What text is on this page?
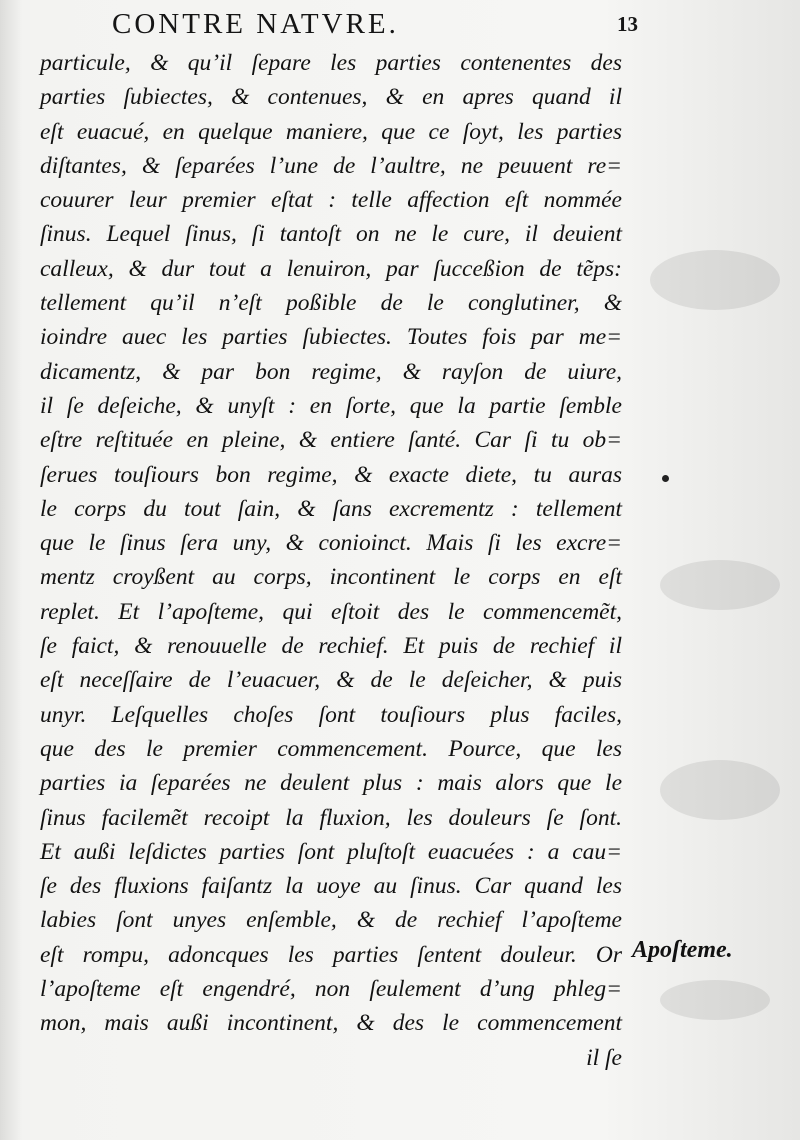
CONTRE NATVRE.	13
particule, & qu’il ſepare les parties contenentes des
parties ſubiectes, & contenues, & en apres quand il
eſt euacué, en quelque maniere, que ce ſoyt, les parties
diſtantes, & ſeparées l’une de l’aultre, ne peuuent re=
couurer leur premier eſtat : telle affection eſt nommée
ſinus. Lequel ſinus, ſi tantoſt on ne le cure, il deuient
calleux, & dur tout a lenuiron, par ſucceßion de tẽps:
tellement qu’il n’eſt poßible de le conglutiner, &
ioindre auec les parties ſubiectes. Toutes fois par me=
dicamentz, & par bon regime, & rayſon de uiure,
il ſe deſeiche, & unyſt : en ſorte, que la partie ſemble
eſtre reſtituée en pleine, & entiere ſanté. Car ſi tu ob=
ſerues touſiours bon regime, & exacte diete, tu auras
le corps du tout ſain, & ſans excrementz : tellement
que le ſinus ſera uny, & conioinct. Mais ſi les excre=
mentz croyßent au corps, incontinent le corps en eſt
replet. Et l’apoſteme, qui eſtoit des le commencemẽt,
ſe faict, & renouuelle de rechief. Et puis de rechief il
eſt neceſſaire de l’euacuer, & de le deſeicher, & puis
unyr. Leſquelles choſes ſont touſiours plus faciles,
que des le premier commencement. Pource, que les
parties ia ſeparées ne deulent plus : mais alors que le
ſinus facilemẽt recoipt la fluxion, les douleurs ſe ſont.
Et außi leſdictes parties ſont pluſtoſt euacuées : a cau=
ſe des fluxions faiſantz la uoye au ſinus. Car quand les
labies ſont unyes enſemble, & de rechief l’apoſteme
eſt rompu, adoncques les parties ſentent douleur. Or
l’apoſteme eſt engendré, non ſeulement d’ung phleg=
mon, mais außi incontinent, & des le commencement
il ſe
Apoſteme.
